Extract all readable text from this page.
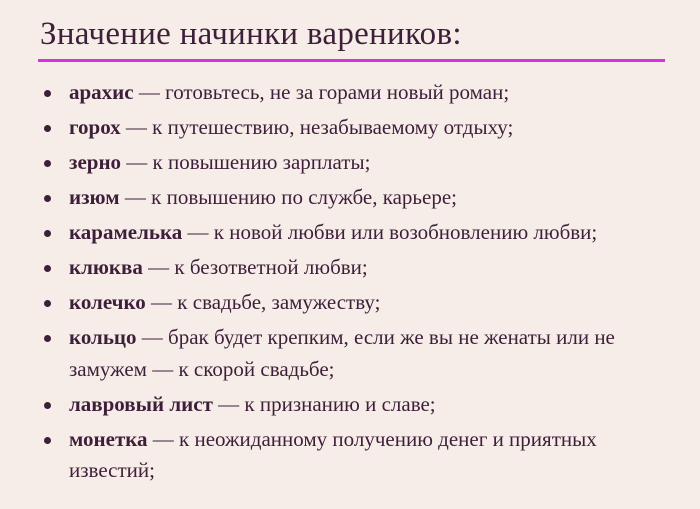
Значение начинки вареников:
арахис — готовьтесь, не за горами новый роман;
горох — к путешествию, незабываемому отдыху;
зерно — к повышению зарплаты;
изюм — к повышению по службе, карьере;
карамелька — к новой любви или возобновлению любви;
клюква — к безответной любви;
колечко — к свадьбе, замужеству;
кольцо — брак будет крепким, если же вы не женаты или не замужем — к скорой свадьбе;
лавровый лист — к признанию и славе;
монетка — к неожиданному получению денег и приятных известий;
